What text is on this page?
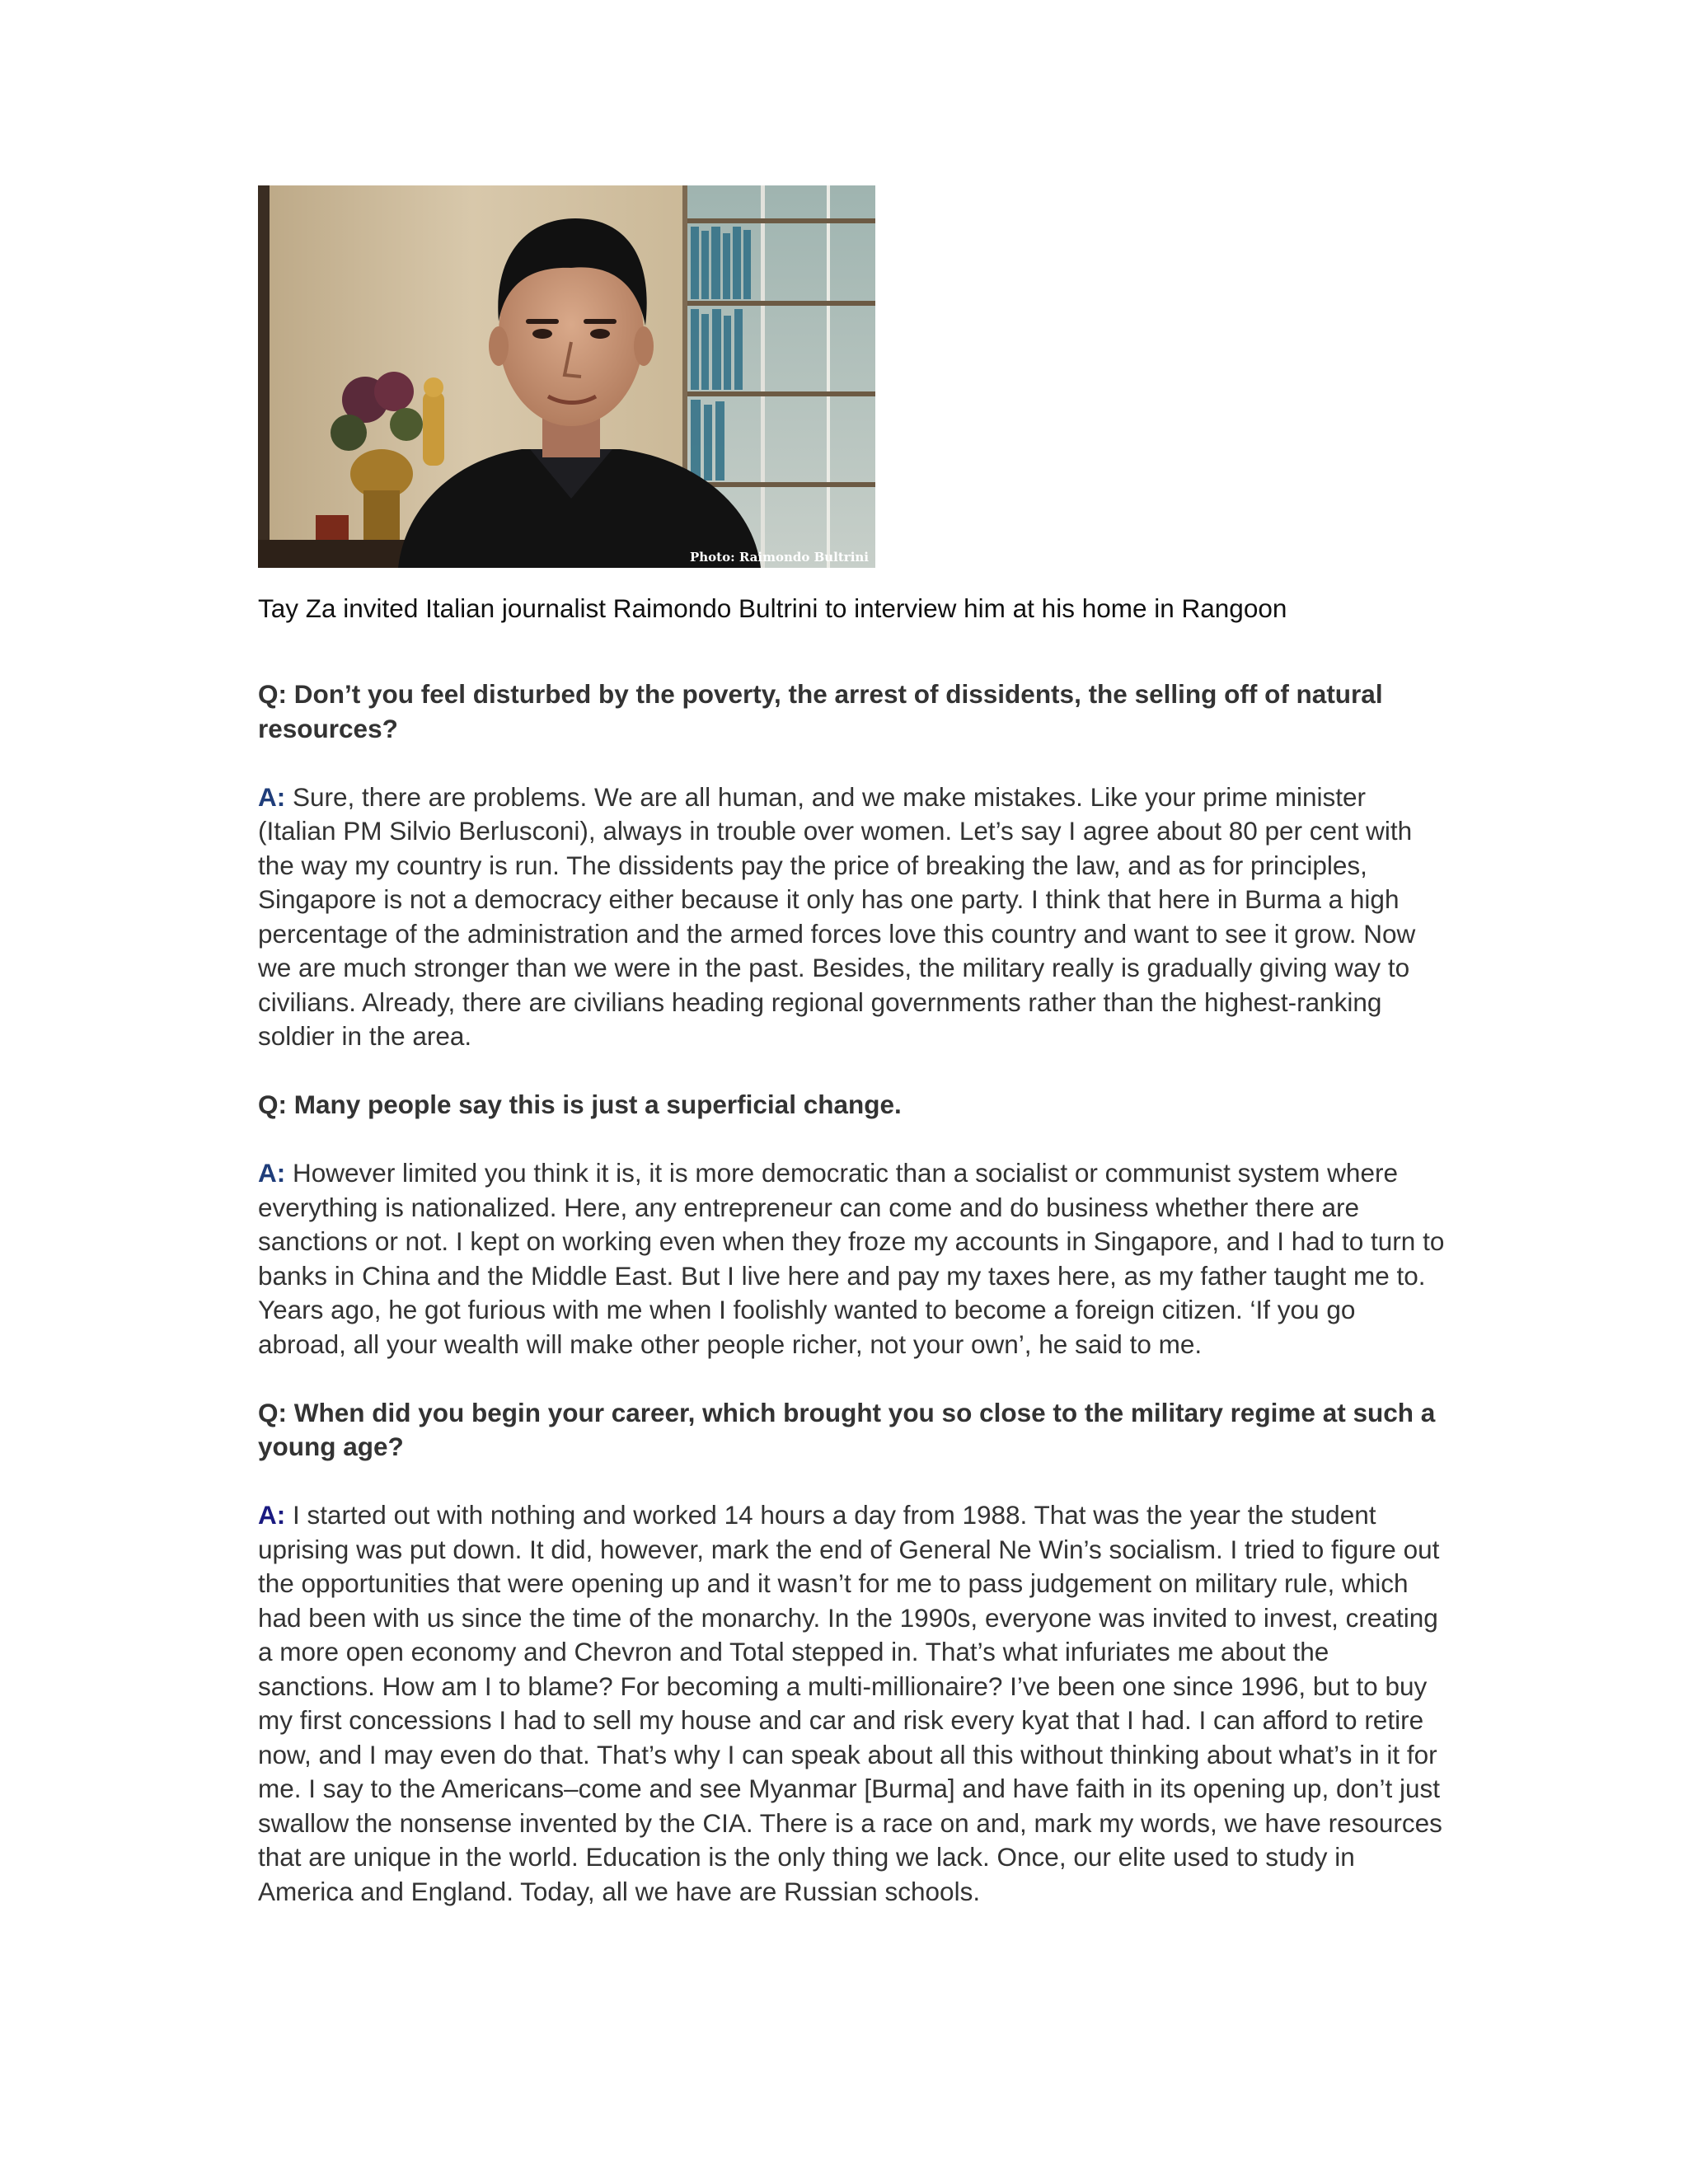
Photo: Raimondo Bultrini
Tay Za invited Italian journalist Raimondo Bultrini to interview him at his home in Rangoon

Q: Don’t you feel disturbed by the poverty, the arrest of dissidents, the selling off of natural resources?

A: Sure, there are problems. We are all human, and we make mistakes. Like your prime minister (Italian PM Silvio Berlusconi), always in trouble over women. Let’s say I agree about 80 per cent with the way my country is run. The dissidents pay the price of breaking the law, and as for principles, Singapore is not a democracy either because it only has one party. I think that here in Burma a high percentage of the administration and the armed forces love this country and want to see it grow. Now we are much stronger than we were in the past. Besides, the military really is gradually giving way to civilians. Already, there are civilians heading regional governments rather than the highest-ranking soldier in the area.

Q: Many people say this is just a superficial change.

A: However limited you think it is, it is more democratic than a socialist or communist system where everything is nationalized. Here, any entrepreneur can come and do business whether there are sanctions or not. I kept on working even when they froze my accounts in Singapore, and I had to turn to banks in China and the Middle East. But I live here and pay my taxes here, as my father taught me to. Years ago, he got furious with me when I foolishly wanted to become a foreign citizen. ‘If you go abroad, all your wealth will make other people richer, not your own’, he said to me.

Q: When did you begin your career, which brought you so close to the military regime at such a young age?

A: I started out with nothing and worked 14 hours a day from 1988. That was the year the student uprising was put down. It did, however, mark the end of General Ne Win’s socialism. I tried to figure out the opportunities that were opening up and it wasn’t for me to pass judgement on military rule, which had been with us since the time of the monarchy. In the 1990s, everyone was invited to invest, creating a more open economy and Chevron and Total stepped in. That’s what infuriates me about the sanctions. How am I to blame? For becoming a multi-millionaire? I’ve been one since 1996, but to buy my first concessions I had to sell my house and car and risk every kyat that I had. I can afford to retire now, and I may even do that. That’s why I can speak about all this without thinking about what’s in it for me. I say to the Americans–come and see Myanmar [Burma] and have faith in its opening up, don’t just swallow the nonsense invented by the CIA. There is a race on and, mark my words, we have resources that are unique in the world. Education is the only thing we lack. Once, our elite used to study in America and England. Today, all we have are Russian schools.
